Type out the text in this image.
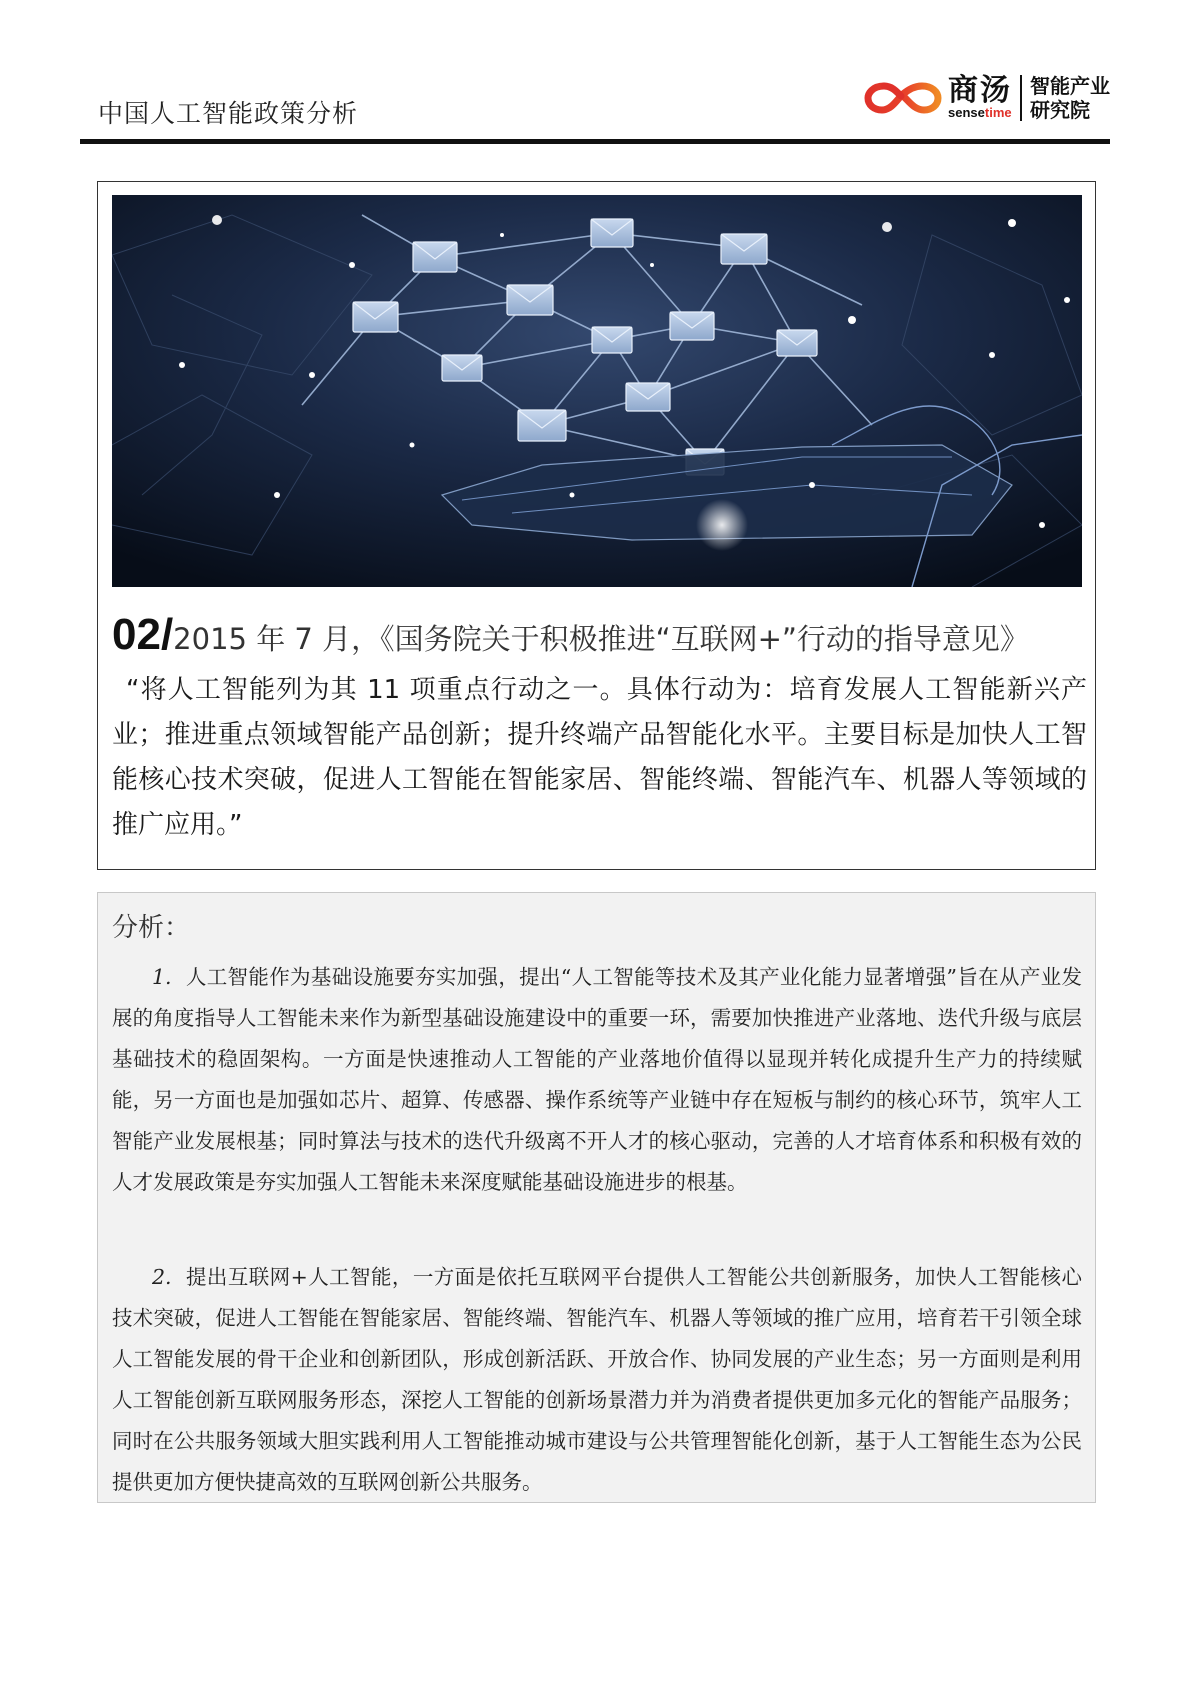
中国人工智能政策分析
商汤
sensetime
智能产业
研究院
02/2015 年 7 月，《国务院关于积极推进“互联网+”行动的指导意见》
“将人工智能列为其 11 项重点行动之一。具体行动为：培育发展人工智能新兴产业；推进重点领域智能产品创新；提升终端产品智能化水平。主要目标是加快人工智能核心技术突破，促进人工智能在智能家居、智能终端、智能汽车、机器人等领域的推广应用。”
分析：
1. 人工智能作为基础设施要夯实加强，提出“人工智能等技术及其产业化能力显著增强”旨在从产业发展的角度指导人工智能未来作为新型基础设施建设中的重要一环，需要加快推进产业落地、迭代升级与底层基础技术的稳固架构。一方面是快速推动人工智能的产业落地价值得以显现并转化成提升生产力的持续赋能，另一方面也是加强如芯片、超算、传感器、操作系统等产业链中存在短板与制约的核心环节，筑牢人工智能产业发展根基；同时算法与技术的迭代升级离不开人才的核心驱动，完善的人才培育体系和积极有效的人才发展政策是夯实加强人工智能未来深度赋能基础设施进步的根基。
2. 提出互联网+人工智能，一方面是依托互联网平台提供人工智能公共创新服务，加快人工智能核心技术突破，促进人工智能在智能家居、智能终端、智能汽车、机器人等领域的推广应用，培育若干引领全球人工智能发展的骨干企业和创新团队，形成创新活跃、开放合作、协同发展的产业生态；另一方面则是利用人工智能创新互联网服务形态，深挖人工智能的创新场景潜力并为消费者提供更加多元化的智能产品服务；同时在公共服务领域大胆实践利用人工智能推动城市建设与公共管理智能化创新，基于人工智能生态为公民提供更加方便快捷高效的互联网创新公共服务。
